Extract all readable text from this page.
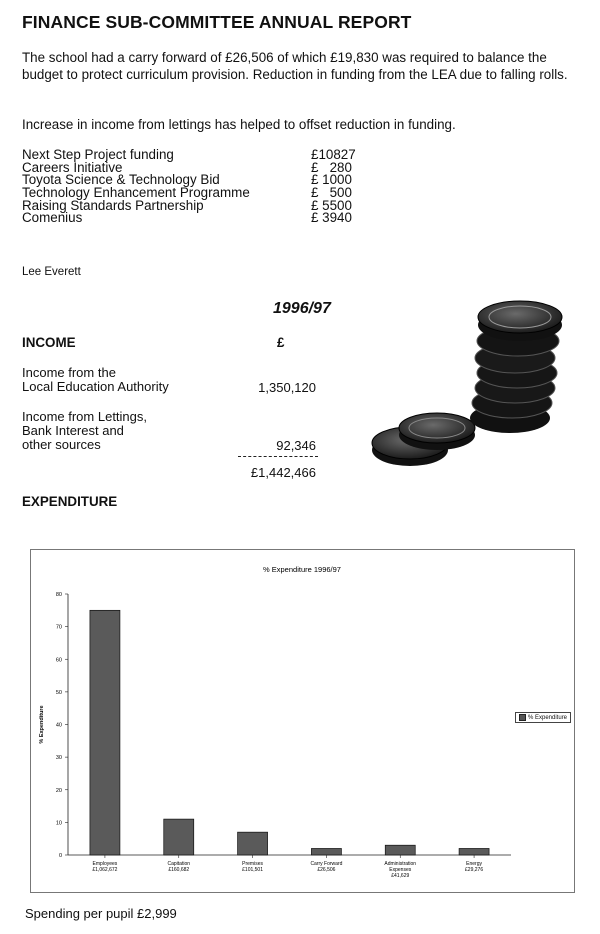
FINANCE SUB-COMMITTEE ANNUAL REPORT
The school had a carry forward of £26,506 of which £19,830 was required to balance the budget to protect curriculum provision. Reduction in funding from the LEA due to falling rolls.
Increase in income from lettings has helped to offset reduction in funding.
Next Step Project funding	£10827
Careers Initiative	£   280
Toyota Science & Technology Bid	£ 1000
Technology Enhancement Programme	£   500
Raising Standards Partnership	£ 5500
Comenius	£ 3940
Lee Everett
1996/97
INCOME	£
Income from the
Local Education Authority	1,350,120
Income from Lettings,
Bank Interest and
other sources	92,346
£1,442,466
EXPENDITURE
% Expenditure 1996/97
0
10
20
30
40
50
60
70
80
% Expenditure
Employees
£1,062,672
Capitation
£160,682
Premises
£101,501
Carry Forward
£26,506
Administration
Expenses
£41,629
Energy
£29,276
% Expenditure
Spending per pupil £2,999
